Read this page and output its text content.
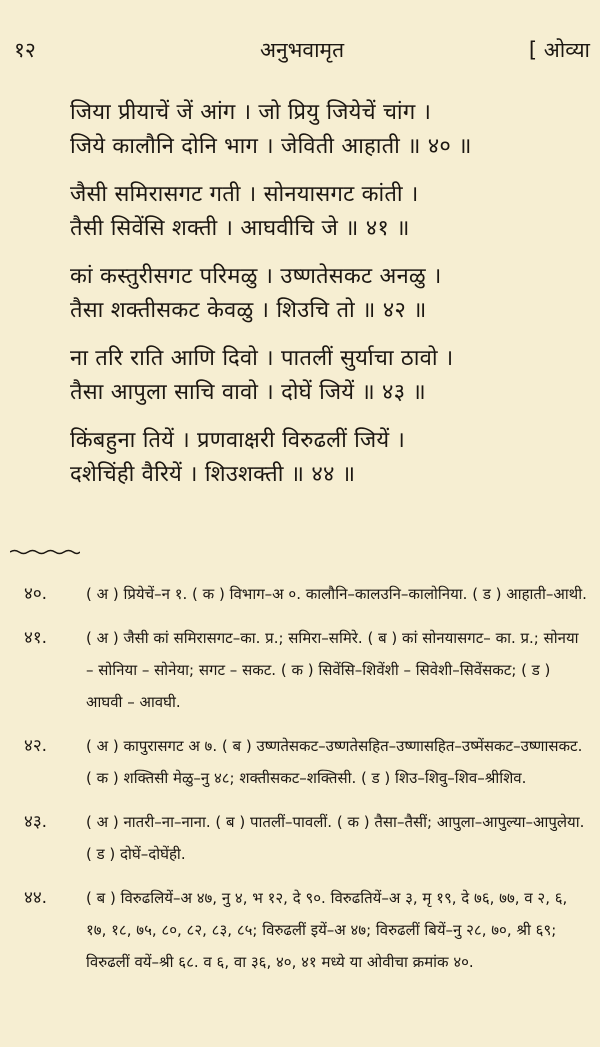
१२	अनुभवामृत	[ ओव्या
जिया प्रीयाचें जें आंग । जो प्रियु जियेचें चांग ।
जिये कालौनि दोनि भाग । जेविती आहाती ॥ ४० ॥
जैसी समिरासगट गती । सोनयासगट कांती ।
तैसी सिवेंसि शक्ती । आघवीचि जे ॥ ४१ ॥
कां कस्तुरीसगट परिमळु । उष्णतेसकट अनळु ।
तैसा शक्तीसकट केवळु । शिउचि तो ॥ ४२ ॥
ना तरि राति आणि दिवो । पातलीं सुर्याचा ठावो ।
तैसा आपुला साचि वावो । दोघें जियें ॥ ४३ ॥
किंबहुना तियें । प्रणवाक्षरी विरुढलीं जियें ।
दशेचिंही वैरियें । शिउशक्ती ॥ ४४ ॥
४०.	( अ ) प्रियेचें–न १. ( क ) विभाग–अ ०. कालौनि–कालउनि–कालोनिया. ( ड ) आहाती–आथी.
४१.	( अ ) जैसी कां समिरासगट–का. प्र.; समिरा–समिरे. ( ब ) कां सोनयासगट– का. प्र.; सोनया – सोनिया – सोनेया; सगट – सकट. ( क ) सिवेंसि–शिवेंशी – सिवेशी–सिवेंसकट; ( ड ) आघवी – आवघी.
४२.	( अ ) कापुरासगट अ ७. ( ब ) उष्णतेसकट–उष्णतेसहित–उष्णासहित–उष्मेंसकट–उष्णासकट. ( क ) शक्तिसी मेळु–नु ४८; शक्तीसकट–शक्तिसी. ( ड ) शिउ–शिवु–शिव–श्रीशिव.
४३.	( अ ) नातरी–ना–नाना. ( ब ) पातलीं–पावलीं. ( क ) तैसा–तैसीं; आपुला–आपुल्या–आपुलेया. ( ड ) दोघें–दोघेंही.
४४.	( ब ) विरुढलियें–अ ४७, नु ४, भ १२, दे ९०. विरुढतियें–अ ३, मृ १९, दे ७६, ७७, व २, ६, १७, १८, ७५, ८०, ८२, ८३, ८५; विरुढलीं इयें–अ ४७; विरुढलीं बियें–नु २८, ७०, श्री ६९; विरुढलीं वयें–श्री ६८. व ६, वा ३६, ४०, ४१ मध्ये या ओवीचा क्रमांक ४०.
